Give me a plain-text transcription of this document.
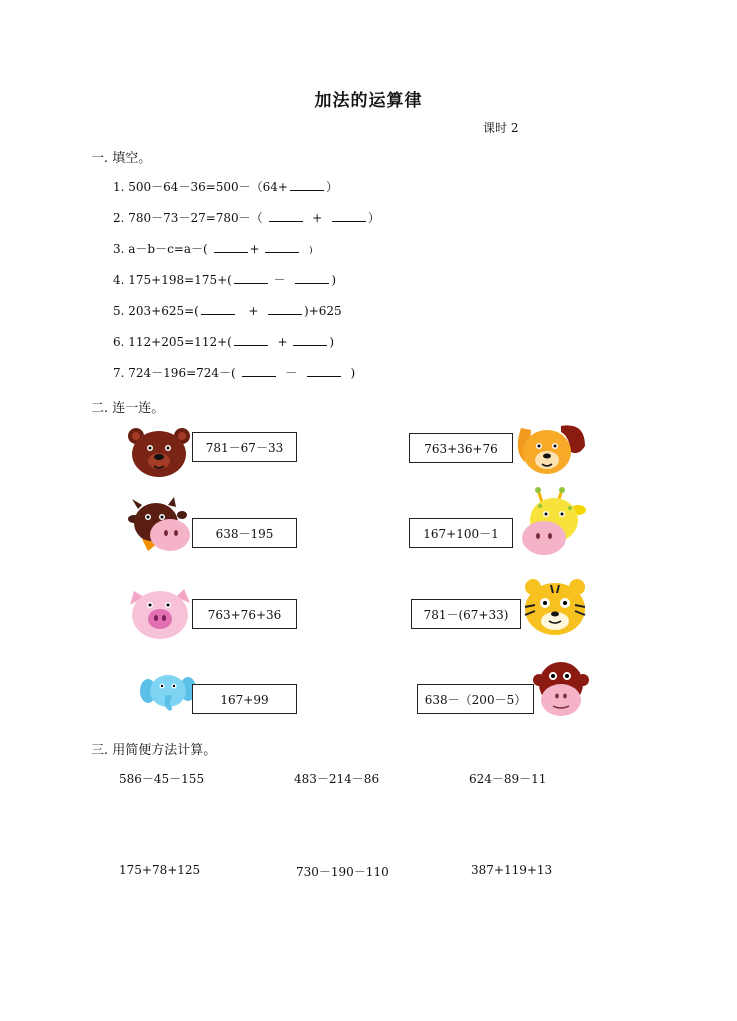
加法的运算律
课时 2
一. 填空。
1. 500－64－36=500－（64+	）
2. 780－73－27=780－（	+	）
3. a－b－c=a－(	+	)
4. 175+198=175+(	－	)
5. 203+625=(	+	)+625
6. 112+205=112+(	+	)
7. 724－196=724－(	－	)
二. 连一连。
781－67－33
638－195
763+76+36
167+99
763+36+76
167+100－1
781－(67+33)
638－（200－5）
三. 用简便方法计算。
586－45－155	483－214－86	624－89－11
175+78+125	730－190－110	387+119+13
